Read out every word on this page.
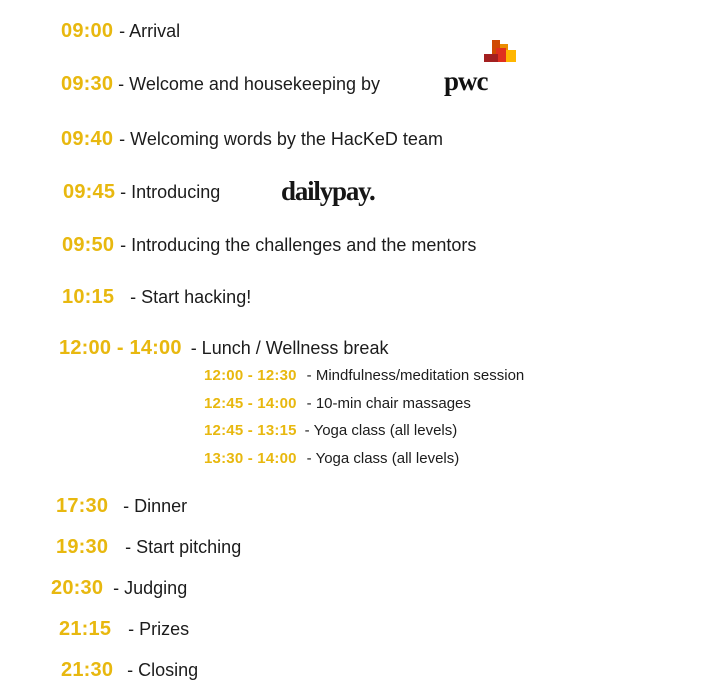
09:00 - Arrival
09:30 - Welcome and housekeeping by pwc
09:40 - Welcoming words by the HacKeD team
09:45 - Introducing dailypay.
09:50 - Introducing the challenges and the mentors
10:15 - Start hacking!
12:00 - 14:00 - Lunch / Wellness break
12:00 - 12:30 - Mindfulness/meditation session
12:45 - 14:00 - 10-min chair massages
12:45 - 13:15 - Yoga class (all levels)
13:30 - 14:00 - Yoga class (all levels)
17:30 - Dinner
19:30 - Start pitching
20:30 - Judging
21:15 - Prizes
21:30 - Closing
